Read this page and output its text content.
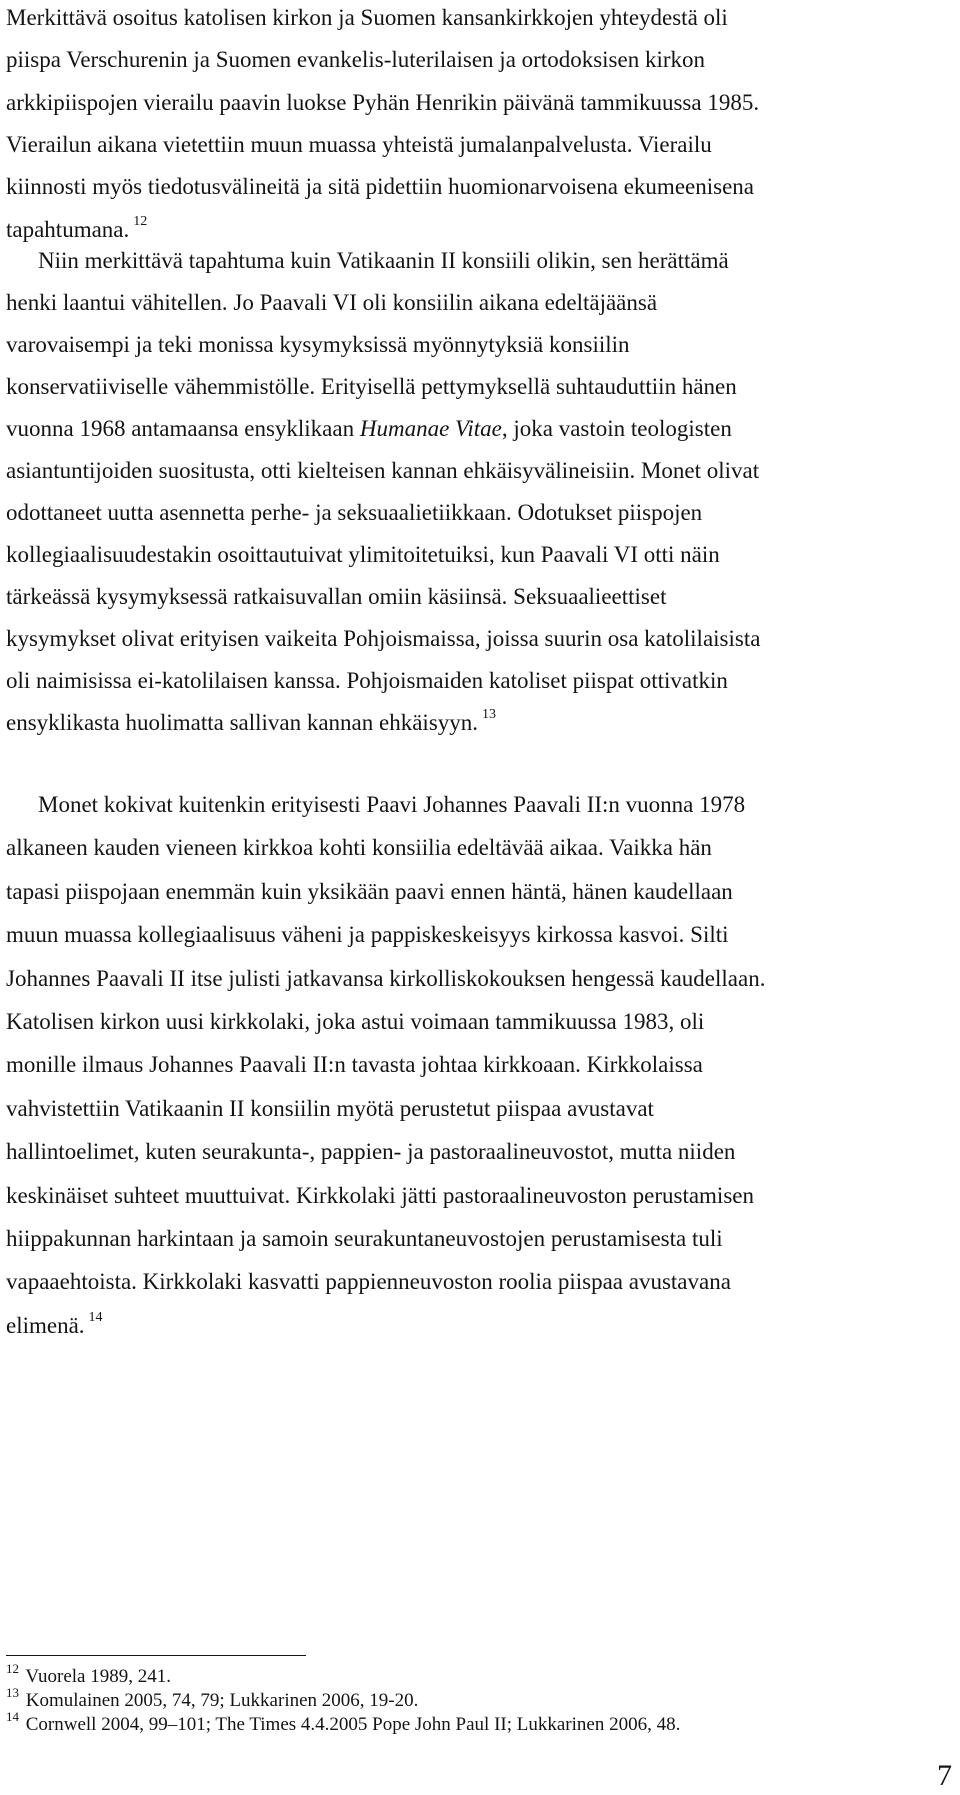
Merkittävä osoitus katolisen kirkon ja Suomen kansankirkkojen yhteydestä oli
piispa Verschurenin ja Suomen evankelis-luterilaisen ja ortodoksisen kirkon
arkkipiispojen vierailu paavin luokse Pyhän Henrikin päivänä tammikuussa 1985.
Vierailun aikana vietettiin muun muassa yhteistä jumalanpalvelusta. Vierailu
kiinnosti myös tiedotusvälineitä ja sitä pidettiin huomionarvoisena ekumeenisena
tapahtumana. $^{12}$
Niin merkittävä tapahtuma kuin Vatikaanin II konsiili olikin, sen herättämä
henki laantui vähitellen. Jo Paavali VI oli konsiilin aikana edeltäjäänsä
varovaisempi ja teki monissa kysymyksissä myönnytyksiä konsiilin
konservatiiviselle vähemmistölle. Erityisellä pettymyksellä suhtauduttiin hänen
vuonna 1968 antamaansa ensyklikaan Humanae Vitae, joka vastoin teologisten
asiantuntijoiden suositusta, otti kielteisen kannan ehkäisyvälineisiin. Monet olivat
odottaneet uutta asennetta perhe- ja seksuaalietiikkaan. Odotukset piispojen
kollegiaalisuudestakin osoittautuivat ylimitoitetuiksi, kun Paavali VI otti näin
tärkeässä kysymyksessä ratkaisuvallan omiin käsiinsä. Seksuaalieettiset
kysymykset olivat erityisen vaikeita Pohjoismaissa, joissa suurin osa katolilaisista
oli naimisissa ei-katolilaisen kanssa. Pohjoismaiden katoliset piispat ottivatkin
ensyklikasta huolimatta sallivan kannan ehkäisyyn. $^{13}$
Monet kokivat kuitenkin erityisesti Paavi Johannes Paavali II:n vuonna 1978
alkaneen kauden vieneen kirkkoa kohti konsiilia edeltävää aikaa. Vaikka hän
tapasi piispojaan enemmän kuin yksikään paavi ennen häntä, hänen kaudellaan
muun muassa kollegiaalisuus väheni ja pappiskeskeisyys kirkossa kasvoi. Silti
Johannes Paavali II itse julisti jatkavansa kirkolliskokouksen hengessä kaudellaan.
Katolisen kirkon uusi kirkkolaki, joka astui voimaan tammikuussa 1983, oli
monille ilmaus Johannes Paavali II:n tavasta johtaa kirkkoaan. Kirkkolaissa
vahvistettiin Vatikaanin II konsiilin myötä perustetut piispaa avustavat
hallintoelimet, kuten seurakunta-, pappien- ja pastoraalineuvostot, mutta niiden
keskinäiset suhteet muuttuivat. Kirkkolaki jätti pastoraalineuvoston perustamisen
hiippakunnan harkintaan ja samoin seurakuntaneuvostojen perustamisesta tuli
vapaaehtoista. Kirkkolaki kasvatti pappienneuvoston roolia piispaa avustavana
elimenä. $^{14}$
$^{12}$ Vuorela 1989, 241.
$^{13}$ Komulainen 2005, 74, 79; Lukkarinen 2006, 19-20.
$^{14}$ Cornwell 2004, 99–101; The Times 4.4.2005 Pope John Paul II; Lukkarinen 2006, 48.
7
